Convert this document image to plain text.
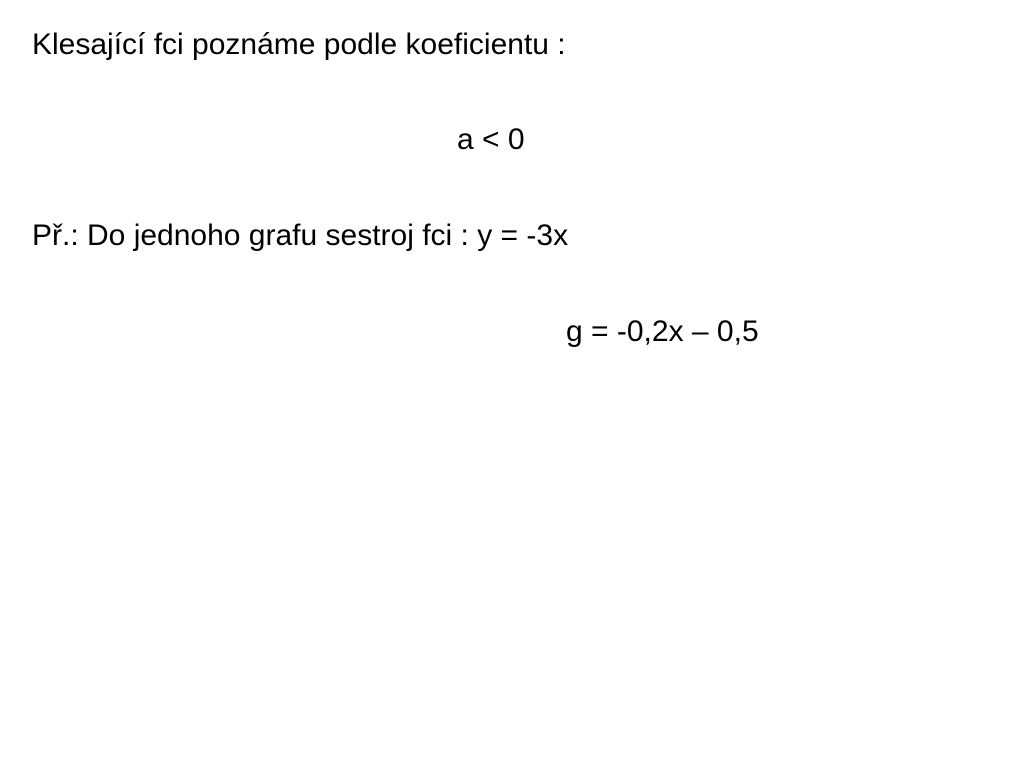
Klesající fci poznáme podle koeficientu :
a < 0
Př.: Do jednoho grafu sestroj fci : y = -3x
g = -0,2x – 0,5
